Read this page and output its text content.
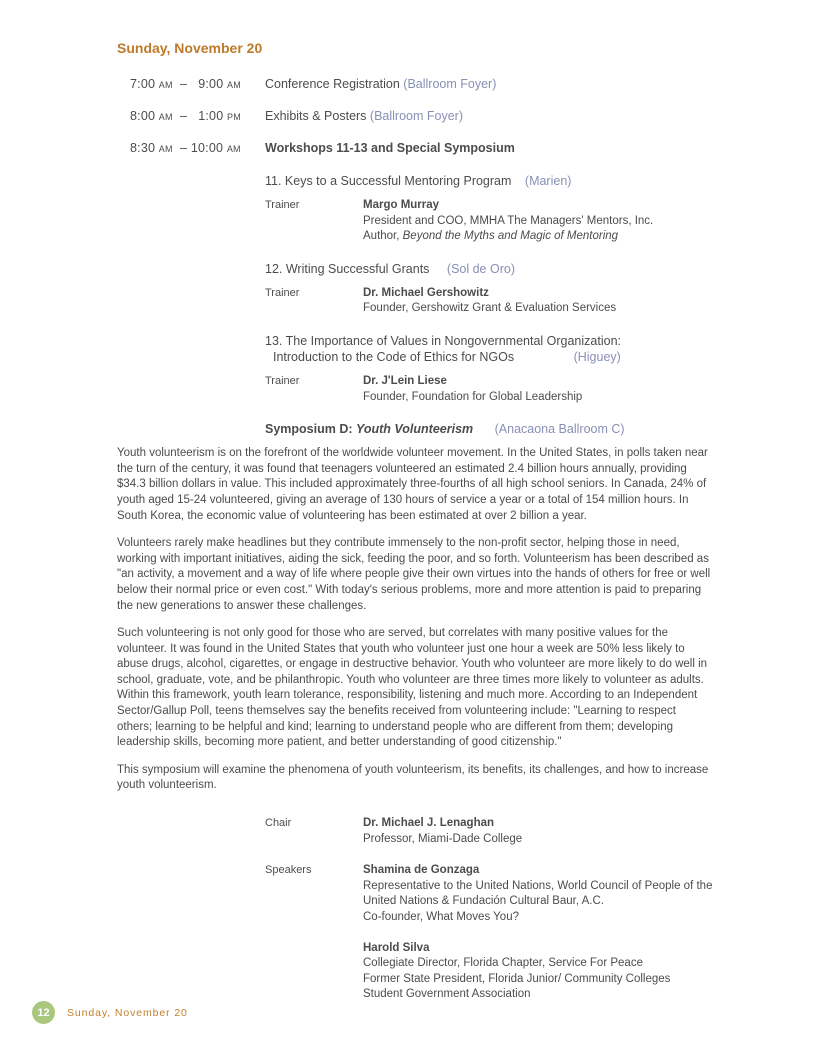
Sunday, November 20
7:00 am  –   9:00 am	Conference Registration (Ballroom Foyer)
8:00 am  –   1:00 pm	Exhibits & Posters (Ballroom Foyer)
8:30 am  – 10:00 am	Workshops 11-13 and Special Symposium
11. Keys to a Successful Mentoring Program (Marien)
Trainer	Margo Murray
President and COO, MMHA The Managers' Mentors, Inc.
Author, Beyond the Myths and Magic of Mentoring
12. Writing Successful Grants (Sol de Oro)
Trainer	Dr. Michael Gershowitz
Founder, Gershowitz Grant & Evaluation Services
13. The Importance of Values in Nongovernmental Organization:
Introduction to the Code of Ethics for NGOs	(Higuey)
Trainer	Dr. J'Lein Liese
Founder, Foundation for Global Leadership
Symposium D: Youth Volunteerism (Anacaona Ballroom C)

Youth volunteerism is on the forefront of the worldwide volunteer movement. In the United States, in polls taken near the turn of the century, it was found that teenagers volunteered an estimated 2.4 billion hours annually, providing $34.3 billion dollars in value. This included approximately three-fourths of all high school seniors. In Canada, 24% of youth aged 15-24 volunteered, giving an average of 130 hours of service a year or a total of 154 million hours. In South Korea, the economic value of volunteering has been estimated at over 2 billion a year.

Volunteers rarely make headlines but they contribute immensely to the non-profit sector, helping those in need, working with important initiatives, aiding the sick, feeding the poor, and so forth. Volunteerism has been described as "an activity, a movement and a way of life where people give their own virtues into the hands of others for free or well below their normal price or even cost." With today's serious problems, more and more attention is paid to preparing the new generations to answer these challenges.

Such volunteering is not only good for those who are served, but correlates with many positive values for the volunteer. It was found in the United States that youth who volunteer just one hour a week are 50% less likely to abuse drugs, alcohol, cigarettes, or engage in destructive behavior. Youth who volunteer are more likely to do well in school, graduate, vote, and be philanthropic. Youth who volunteer are three times more likely to volunteer as adults. Within this framework, youth learn tolerance, responsibility, listening and much more. According to an Independent Sector/Gallup Poll, teens themselves say the benefits received from volunteering include: "Learning to respect others; learning to be helpful and kind; learning to understand people who are different from them; developing leadership skills, becoming more patient, and better understanding of good citizenship."

This symposium will examine the phenomena of youth volunteerism, its benefits, its challenges, and how to increase youth volunteerism.

Chair	Dr. Michael J. Lenaghan
Professor, Miami-Dade College
Speakers	Shamina de Gonzaga
Representative to the United Nations, World Council of People of the
United Nations & Fundación Cultural Baur, A.C.
Co-founder, What Moves You?
Harold Silva
Collegiate Director, Florida Chapter, Service For Peace
Former State President, Florida Junior/ Community Colleges
Student Government Association
12	Sunday, November 20
